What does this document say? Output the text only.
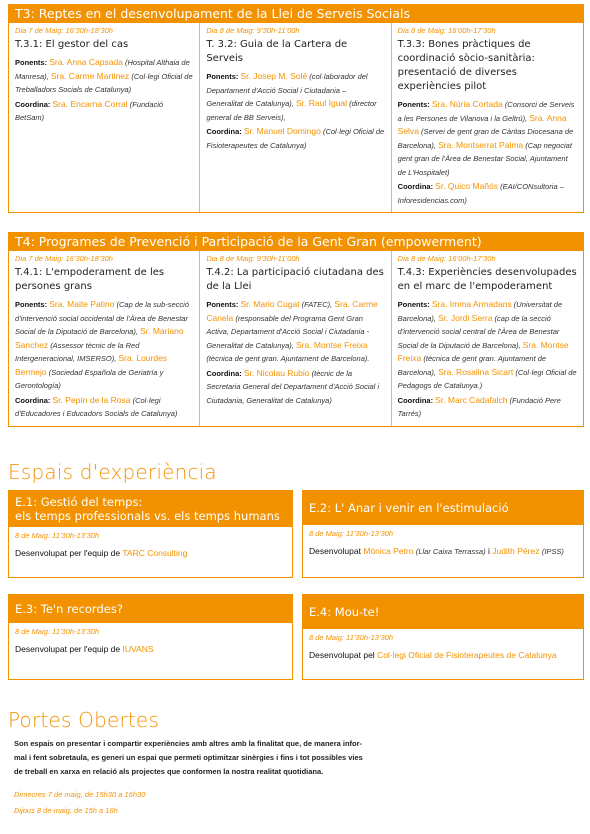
T3: Reptes en el desenvolupament de la Llei de Serveis Socials
Dia 7 de Maig: 16’30h-18’30h
T.3.1: El gestor del cas

Ponents: Sra. Anna Capsada (Hospital Althaia de Manresa), Sra. Carme Martinez (Col·legi Oficial de Treballadors Socials de Catalunya)

Coordina: Sra. Encarna Corral (Fundació BetSam)

Dia 8 de Maig: 9’30h-11’00h
T. 3.2: Guia de la Cartera de Serveis

Ponents: Sr. Josep M. Solé (col·laborador del Departament d'Acció Social i Ciutadania – Generalitat de Catalunya), Sr. Raul Igual (director general de BB Serveis),

Coordina: Sr. Manuel Domingo (Col·legi Oficial de Fisioterapeutes de Catalunya)

Dia 8 de Maig: 16’00h-17’30h
T.3.3: Bones pràctiques de coordinació sòcio-sanitària: presentació de diverses experiències pilot

Ponents: Sra. Núria Cortada (Consorci de Serveis a les Persones de Vilanova i la Geltrú), Sra. Anna Selva (Servei de gent gran de Càritas Diocesana de Barcelona), Sra. Montserrat Palma (Cap negociat gent gran de l'Àrea de Benestar Social, Ajuntament de L'Hospitalet)

Coordina: Sr. Quico Mañós (EAI/CONsultoria – Inforesidencias.com)

T4: Programes de Prevenció i Participació de la Gent Gran (empowerment)
Dia 7 de Maig: 16’30h-18’30h
T.4.1: L'empoderament de les persones grans

Ponents: Sra. Maite Patino (Cap de la sub-secció d'intervenció social occidental de l'Àrea de Benestar Social de la Diputació de Barcelona), Sr. Mariano Sanchez (Assessor tècnic de la Red Intergeneracional, IMSERSO), Sra. Lourdes Bermejo (Sociedad Española de Geriatría y Gerontología)

Coordina: Sr. Pepín de la Rosa (Col·legi d'Educadores i Educadors Socials de Catalunya)

Dia 8 de Maig: 9’30h-11’00h
T.4.2: La participació ciutadana des de la Llei

Ponents: Sr. Mario Cugat (FATEC), Sra. Carme Canela (responsable del Programa Gent Gran Activa, Departament d'Acció Social i Ciutadania - Generalitat de Catalunya), Sra. Montse Freixa (tècnica de gent gran. Ajuntament de Barcelona).

Coordina: Sr. Nicolau Rubio (tècnic de la Secretaria General del Departament d'Acció Social i Ciutadania, Generalitat de Catalunya)

Dia 8 de Maig: 16’00h-17’30h
T.4.3: Experiències desenvolupades en el marc de l'empoderament

Ponents: Sra. Imma Armadans (Universitat de Barcelona), Sr. Jordi Serra (cap de la secció d'intervenció social central de l'Àrea de Benestar Social de la Diputació de Barcelona), Sra. Montse Freixa (tècnica de gent gran. Ajuntament de Barcelona), Sra. Rosalina Sicart (Col·legi Oficial de Pedagogs de Catalunya.)

Coordina: Sr. Marc Cadafalch (Fundació Pere Tarrés)

Espais d'experiència
E.1: Gestió del temps:
els temps professionals vs. els temps humans
8 de Maig: 11’30h-13’30h
Desenvolupat per l'equip de TARC Consulting
E.2: L' Anar i venir en l'estimulació
8 de Maig: 11’30h-13’30h
Desenvolupat Mònica Petro (Llar Caixa Terrassa) i Judith Pérez (IPSS)
E.3: Te'n recordes?
8 de Maig: 11’30h-13’30h
Desenvolupat per l'equip de IUVANS
E.4: Mou-te!
8 de Maig: 11’30h-13’30h
Desenvolupat pel Col·legi Oficial de Fisioterapeutes de Catalunya
Portes Obertes
Son espais on presentar i compartir experiències amb altres amb la finalitat que, de manera infor-
mal i fent sobretaula, es generi un espai que permeti optimitzar sinèrgies i fins i tot possibles vies
de treball en xarxa en relació als projectes que conformen la nostra realitat quotidiana.
Dimecres 7 de maig, de 15h30 a 16h30
Dijous 8 de maig, de 15h a 16h
